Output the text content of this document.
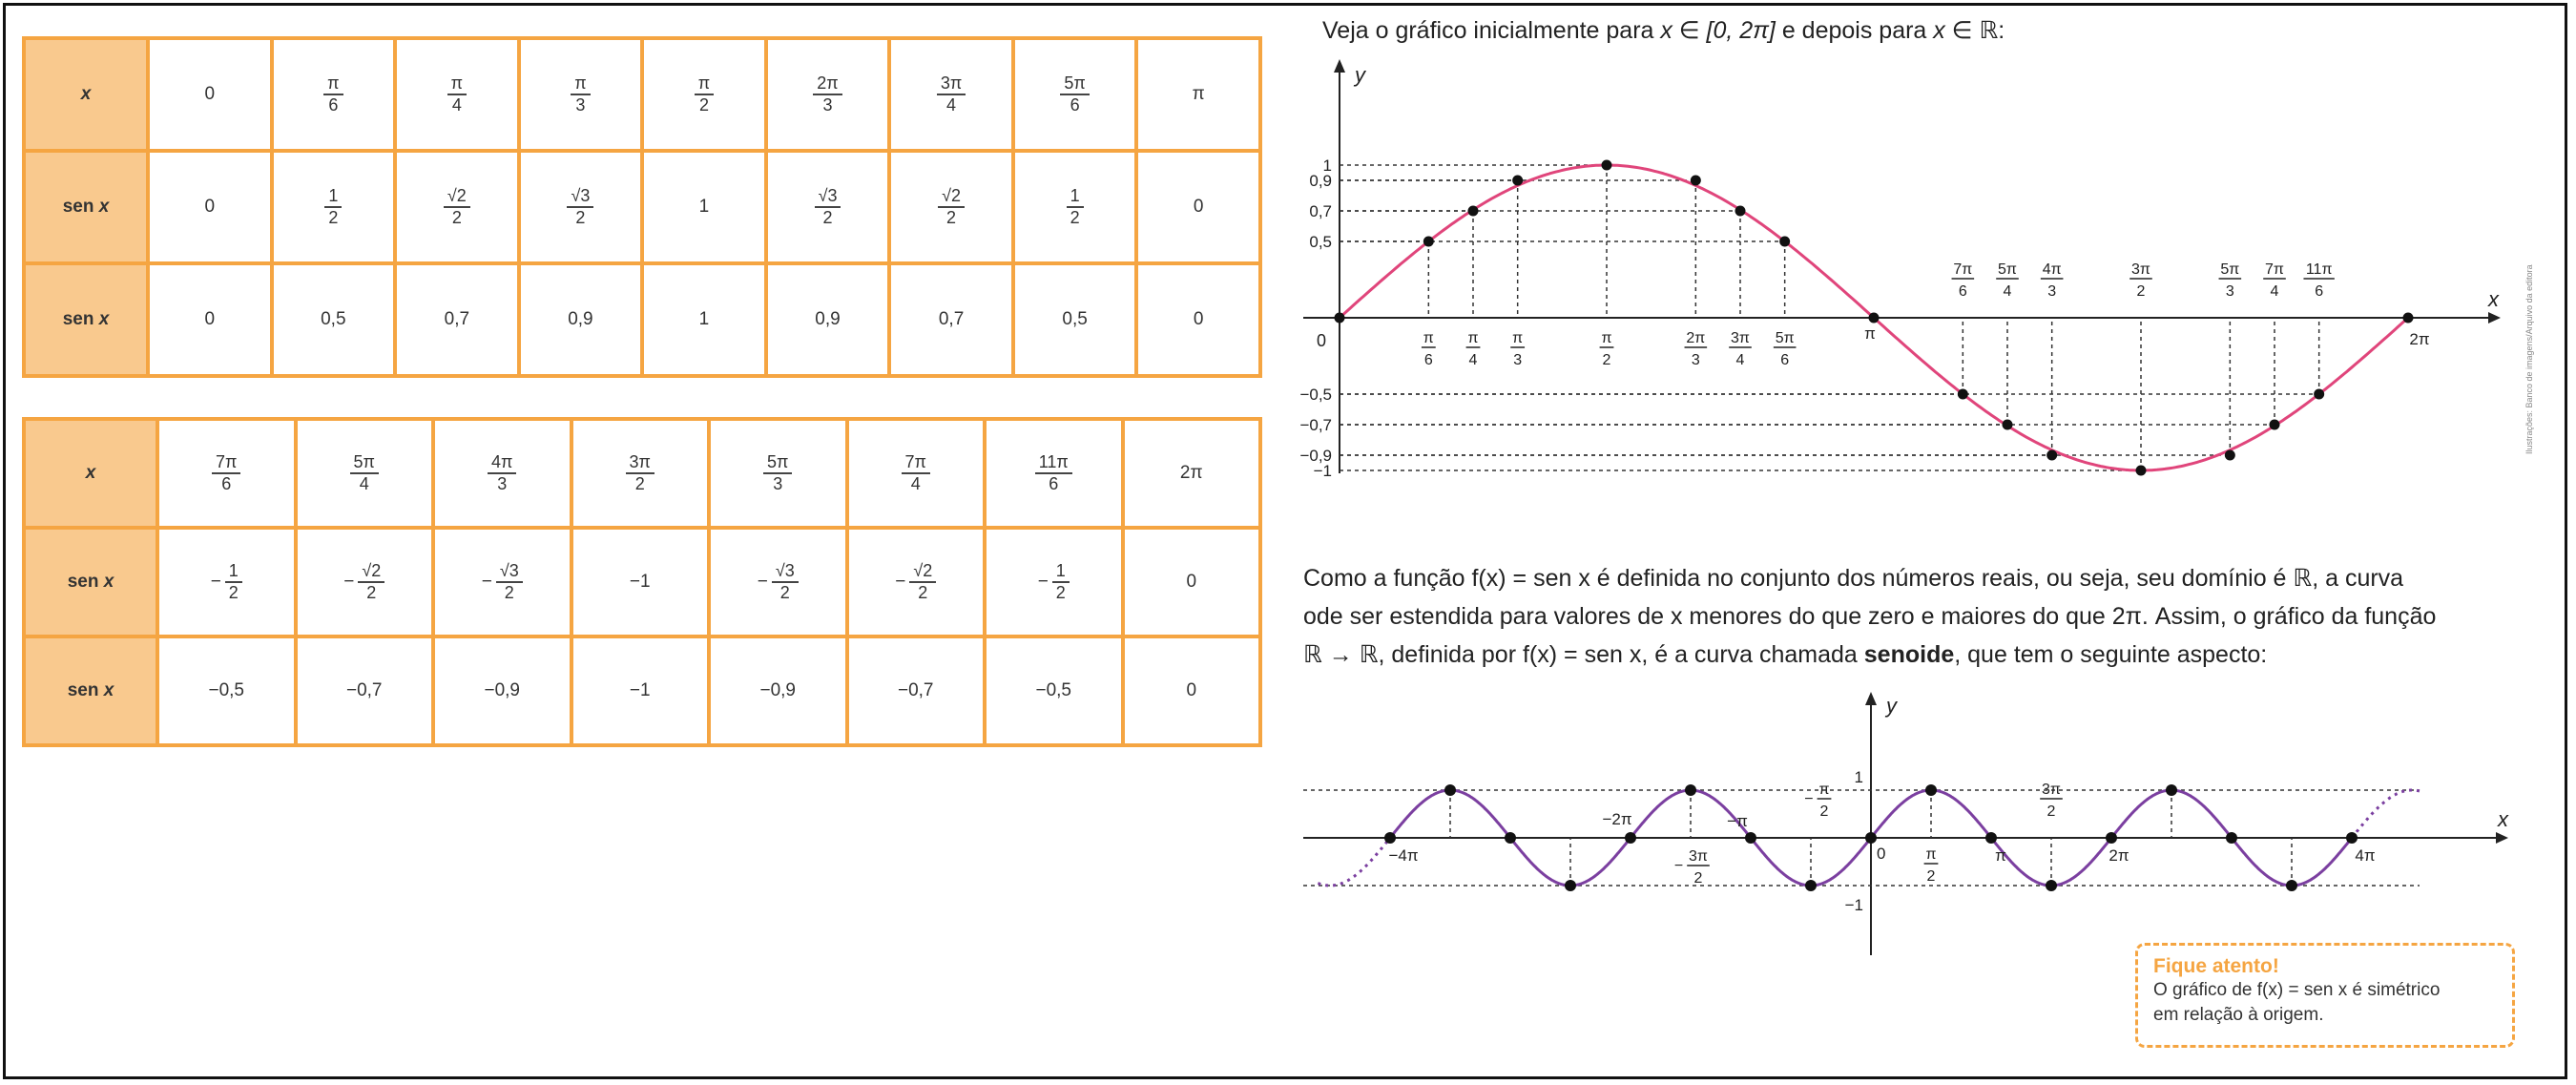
x	0	$\frac{\pi}{6}$	$\frac{\pi}{4}$	$\frac{\pi}{3}$	$\frac{\pi}{2}$	$\frac{2\pi}{3}$	$\frac{3\pi}{4}$	$\frac{5\pi}{6}$	π
sen x	0	$\frac{1}{2}$	$\frac{√2}{2}$	$\frac{√3}{2}$	1	$\frac{√3}{2}$	$\frac{√2}{2}$	$\frac{1}{2}$	0
sen x	0	0,5	0,7	0,9	1	0,9	0,7	0,5	0
x	$\frac{7\pi}{6}$	$\frac{5\pi}{4}$	$\frac{4\pi}{3}$	$\frac{3\pi}{2}$	$\frac{5\pi}{3}$	$\frac{7\pi}{4}$	$\frac{11\pi}{6}$	2π
sen x	− $\frac{1}{2}$	− $\frac{√2}{2}$	− $\frac{√3}{2}$	−1	− $\frac{√3}{2}$	− $\frac{√2}{2}$	− $\frac{1}{2}$	0
sen x	−0,5	−0,7	−0,9	−1	−0,9	−0,7	−0,5	0
Veja o gráfico inicialmente para x ∈ [0, 2π] e depois para x ∈ ℝ:
y
x
0
1
0,9
0,7
0,5
−0,5
−0,7
−0,9
−1
π
6
π
4
π
3
π
2
2π
3
3π
4
5π
6
7π
6
5π
4
4π
3
3π
2
5π
3
7π
4
11π
6
π	2π
Como a função f(x) = sen x é definida no conjunto dos números reais, ou seja, seu domínio é ℝ, a curva
ode ser estendida para valores de x menores do que zero e maiores do que 2π. Assim, o gráfico da função
ℝ → ℝ, definida por f(x) = sen x, é a curva chamada senoide, que tem o seguinte aspecto:
y
x
0
1
−1
−4π
−2π	−π
π	2π	4π
3π
2
−
π
2
−
π
2
3π
2
Fique atento!
O gráfico de f(x) = sen x é simétrico
em relação à origem.
Ilustrações: Banco de imagens/Arquivo da editora
